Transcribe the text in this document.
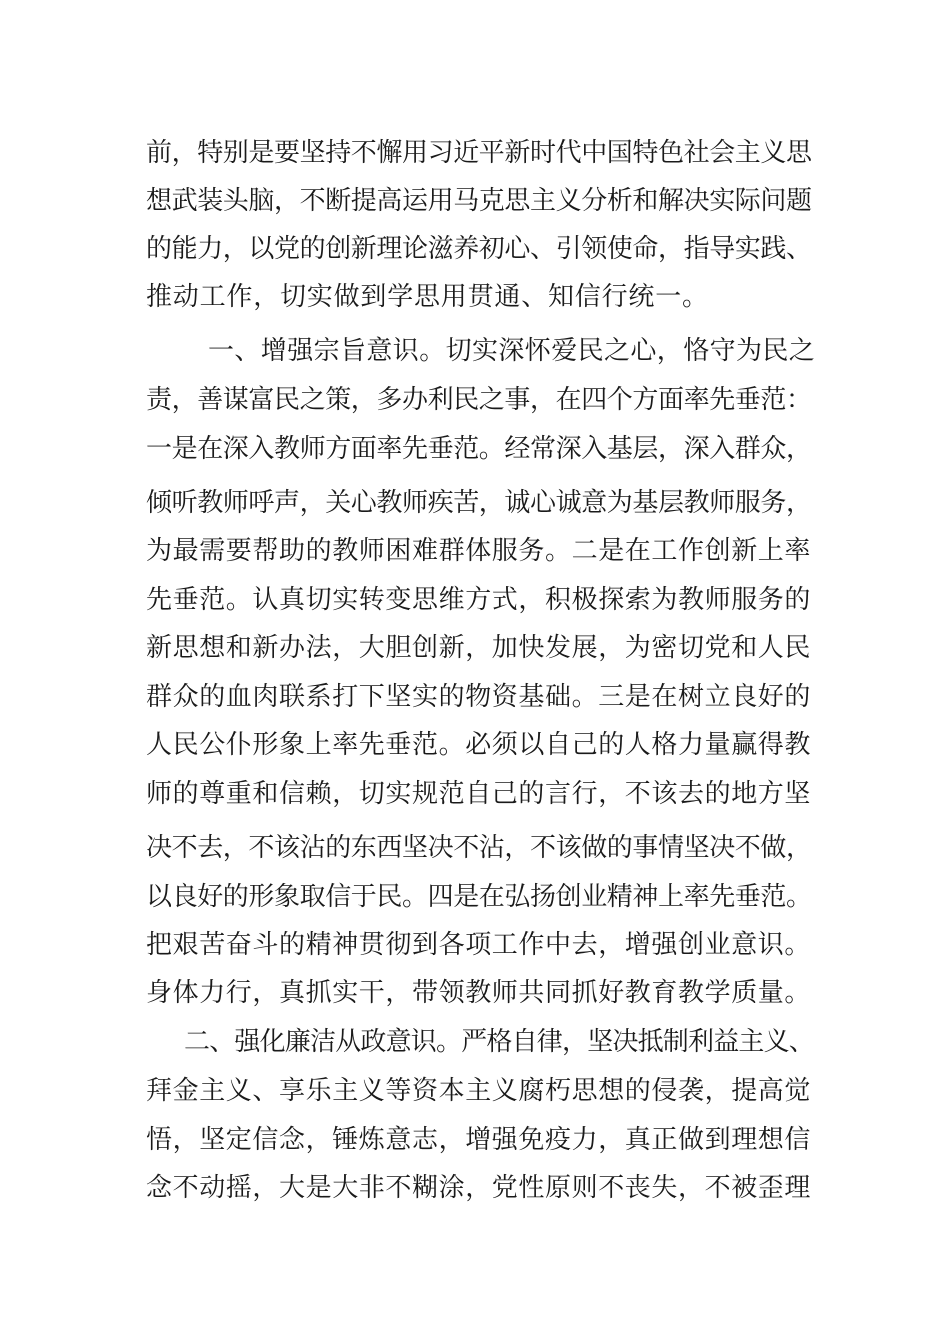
前，特别是要坚持不懈用习近平新时代中国特色社会主义思
想武装头脑，不断提高运用马克思主义分析和解决实际问题
的能力，以党的创新理论滋养初心、引领使命，指导实践、
推动工作，切实做到学思用贯通、知信行统一。
一、增强宗旨意识。切实深怀爱民之心，恪守为民之
责，善谋富民之策，多办利民之事，在四个方面率先垂范：
一是在深入教师方面率先垂范。经常深入基层，深入群众，
倾听教师呼声，关心教师疾苦，诚心诚意为基层教师服务，
为最需要帮助的教师困难群体服务。二是在工作创新上率
先垂范。认真切实转变思维方式，积极探索为教师服务的
新思想和新办法，大胆创新，加快发展，为密切党和人民
群众的血肉联系打下坚实的物资基础。三是在树立良好的
人民公仆形象上率先垂范。必须以自己的人格力量赢得教
师的尊重和信赖，切实规范自己的言行，不该去的地方坚
决不去，不该沾的东西坚决不沾，不该做的事情坚决不做，
以良好的形象取信于民。四是在弘扬创业精神上率先垂范。
把艰苦奋斗的精神贯彻到各项工作中去，增强创业意识。
身体力行，真抓实干，带领教师共同抓好教育教学质量。
二、强化廉洁从政意识。严格自律，坚决抵制利益主义、
拜金主义、享乐主义等资本主义腐朽思想的侵袭，提高觉
悟，坚定信念，锤炼意志，增强免疫力，真正做到理想信
念不动摇，大是大非不糊涂，党性原则不丧失，不被歪理
